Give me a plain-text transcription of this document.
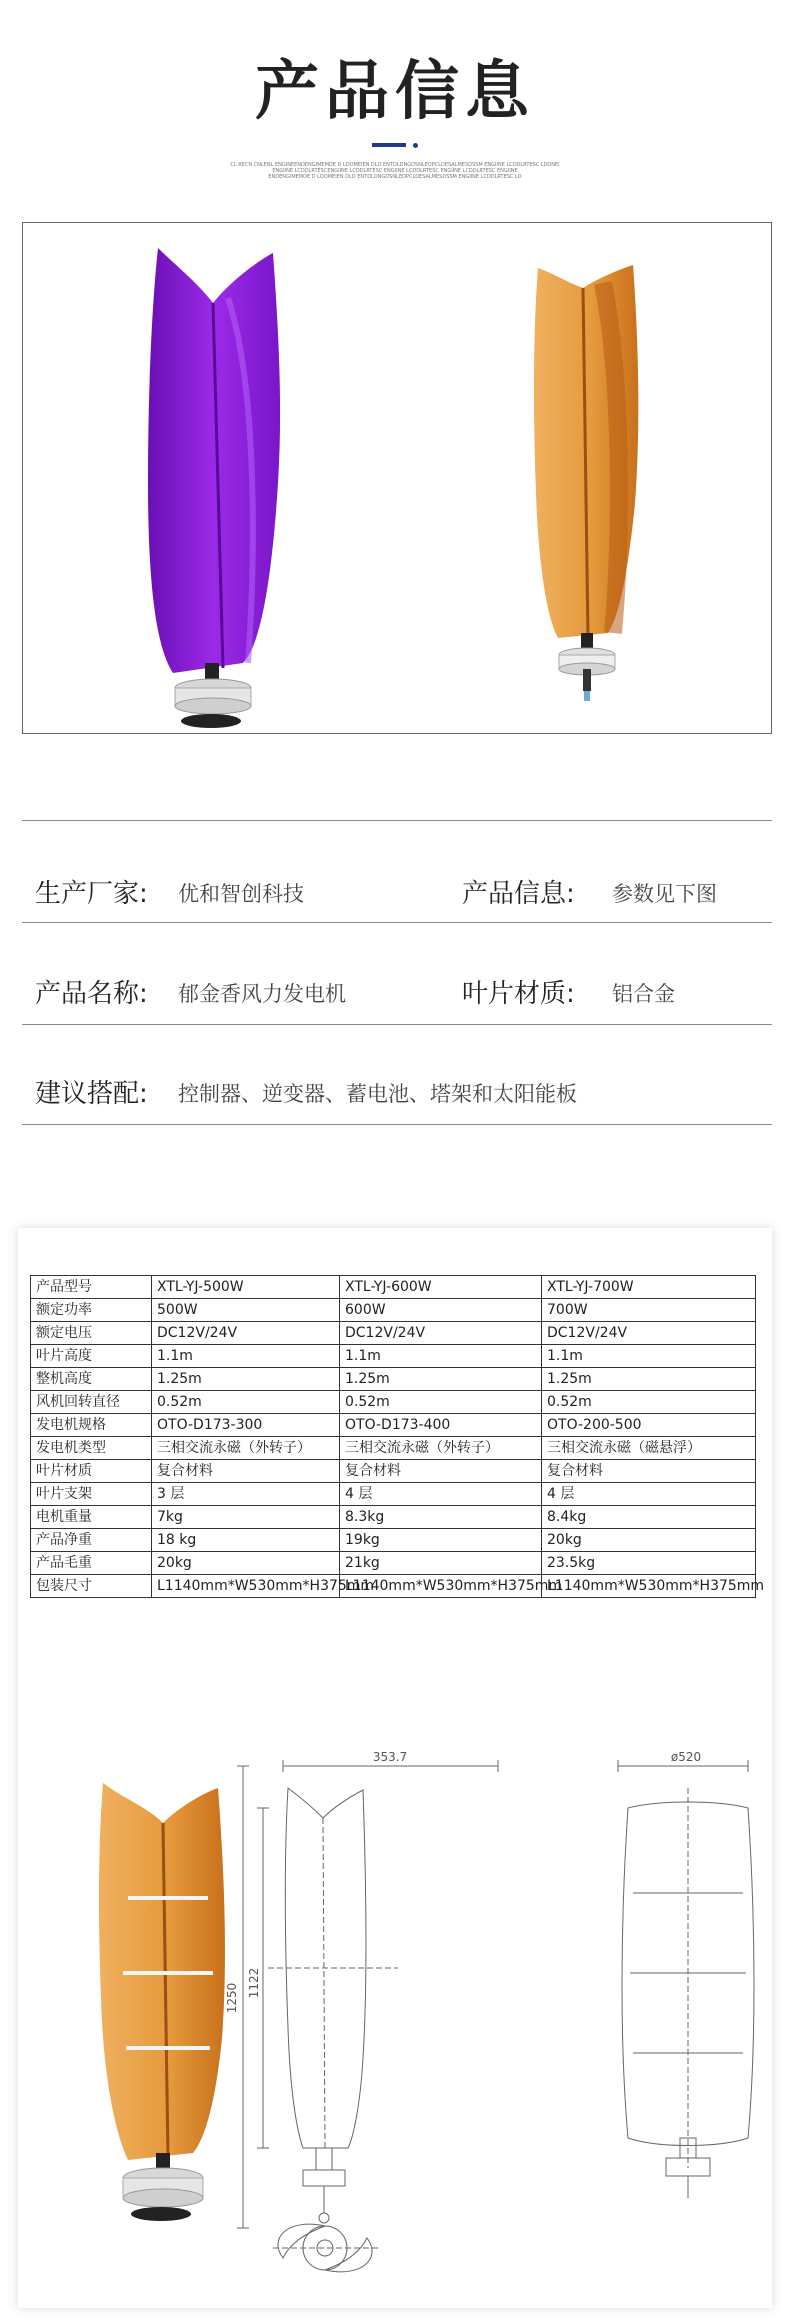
产品信息
CL RECN CNLENL ENGINEENDENGIMEMDE D LDOMEIEN DLD ENTDLDNGDSNLEOPCLDESALMESDSSM ENGIINE LCDDLRTESC LDDNEI
ENGIINE LCDDLRTESCENGIINE LCDDLRTESC ENGIINE LCDDLRTESC ENGIINE LCDDLRTESC ENGIINE
ENDENGIMEMDE D LDOMEIEN DLD ENTDLDNGDSNLEOPCLDESALMESDSSM ENGIINE LCDDLRTESC LD
生产厂家: 优和智创科技	产品信息: 参数见下图
产品名称: 郁金香风力发电机	叶片材质: 铝合金
建议搭配: 控制器、逆变器、蓄电池、塔架和太阳能板
产品型号	XTL-YJ-500W	XTL-YJ-600W	XTL-YJ-700W
额定功率	500W	600W	700W
额定电压	DC12V/24V	DC12V/24V	DC12V/24V
叶片高度	1.1m	1.1m	1.1m
整机高度	1.25m	1.25m	1.25m
风机回转直径	0.52m	0.52m	0.52m
发电机规格	OTO-D173-300	OTO-D173-400	OTO-200-500
发电机类型	三相交流永磁（外转子）	三相交流永磁（外转子）	三相交流永磁（磁悬浮）
叶片材质	复合材料	复合材料	复合材料
叶片支架	3 层	4 层	4 层
电机重量	7kg	8.3kg	8.4kg
产品净重	18 kg	19kg	20kg
产品毛重	20kg	21kg	23.5kg
包装尺寸	L1140mm*W530mm*H375mm	L1140mm*W530mm*H375mm	L1140mm*W530mm*H375mm
353.7
1250 1122
ø520
